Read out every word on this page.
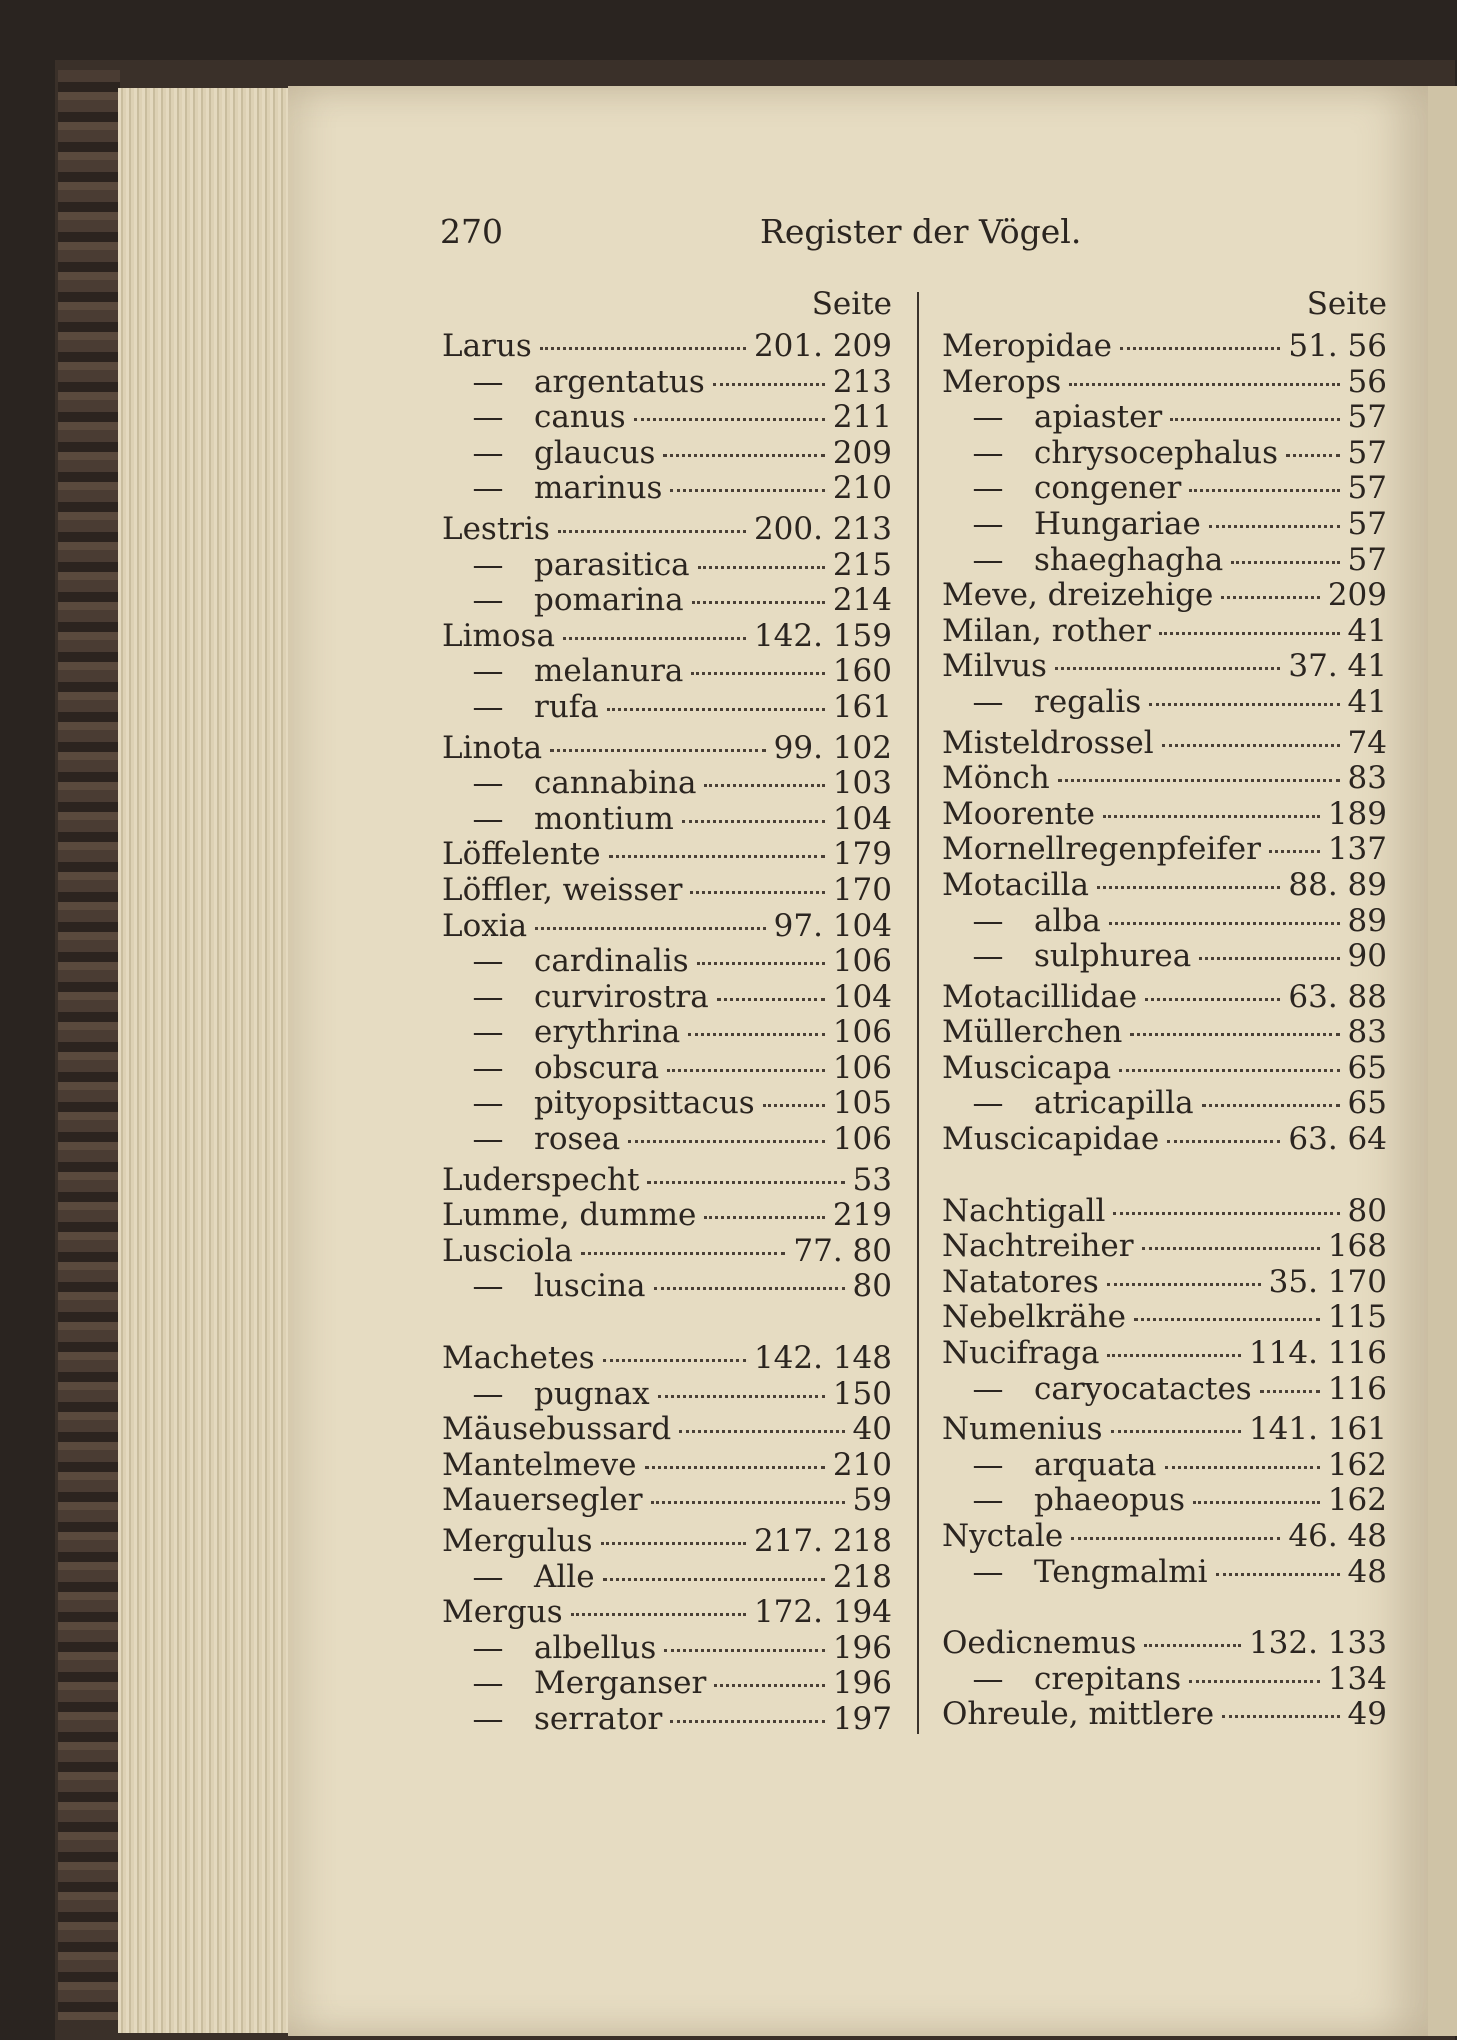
270	Register der Vögel.
Seite
Larus	201. 209
— argentatus	213
— canus	211
— glaucus	209
— marinus	210
Lestris	200. 213
— parasitica	215
— pomarina	214
Limosa	142. 159
— melanura	160
— rufa	161
Linota	99. 102
— cannabina	103
— montium	104
Löffelente	179
Löffler, weisser	170
Loxia	97. 104
— cardinalis	106
— curvirostra	104
— erythrina	106
— obscura	106
— pityopsittacus	105
— rosea	106
Luderspecht	53
Lumme, dumme	219
Lusciola	77. 80
— luscina	80
Machetes	142. 148
— pugnax	150
Mäusebussard	40
Mantelmeve	210
Mauersegler	59
Mergulus	217. 218
— Alle	218
Mergus	172. 194
— albellus	196
— Merganser	196
— serrator	197
Seite
Meropidae	51. 56
Merops	56
— apiaster	57
— chrysocephalus 57
— congener	57
— Hungariae	57
— shaeghagha	57
Meve, dreizehige	209
Milan, rother	41
Milvus	37. 41
— regalis	41
Misteldrossel	74
Mönch	83
Moorente	189
Mornellregenpfeifer 137
Motacilla	88. 89
— alba	89
— sulphurea	90
Motacillidae	63. 88
Müllerchen	83
Muscicapa	65
— atricapilla	65
Muscicapidae	63. 64
Nachtigall	80
Nachtreiher	168
Natatores	35. 170
Nebelkrähe	115
Nucifraga	114. 116
— caryocatactes 116
Numenius	141. 161
— arquata	162
— phaeopus	162
Nyctale	46. 48
— Tengmalmi	48
Oedicnemus	132. 133
— crepitans	134
Ohreule, mittlere	49
